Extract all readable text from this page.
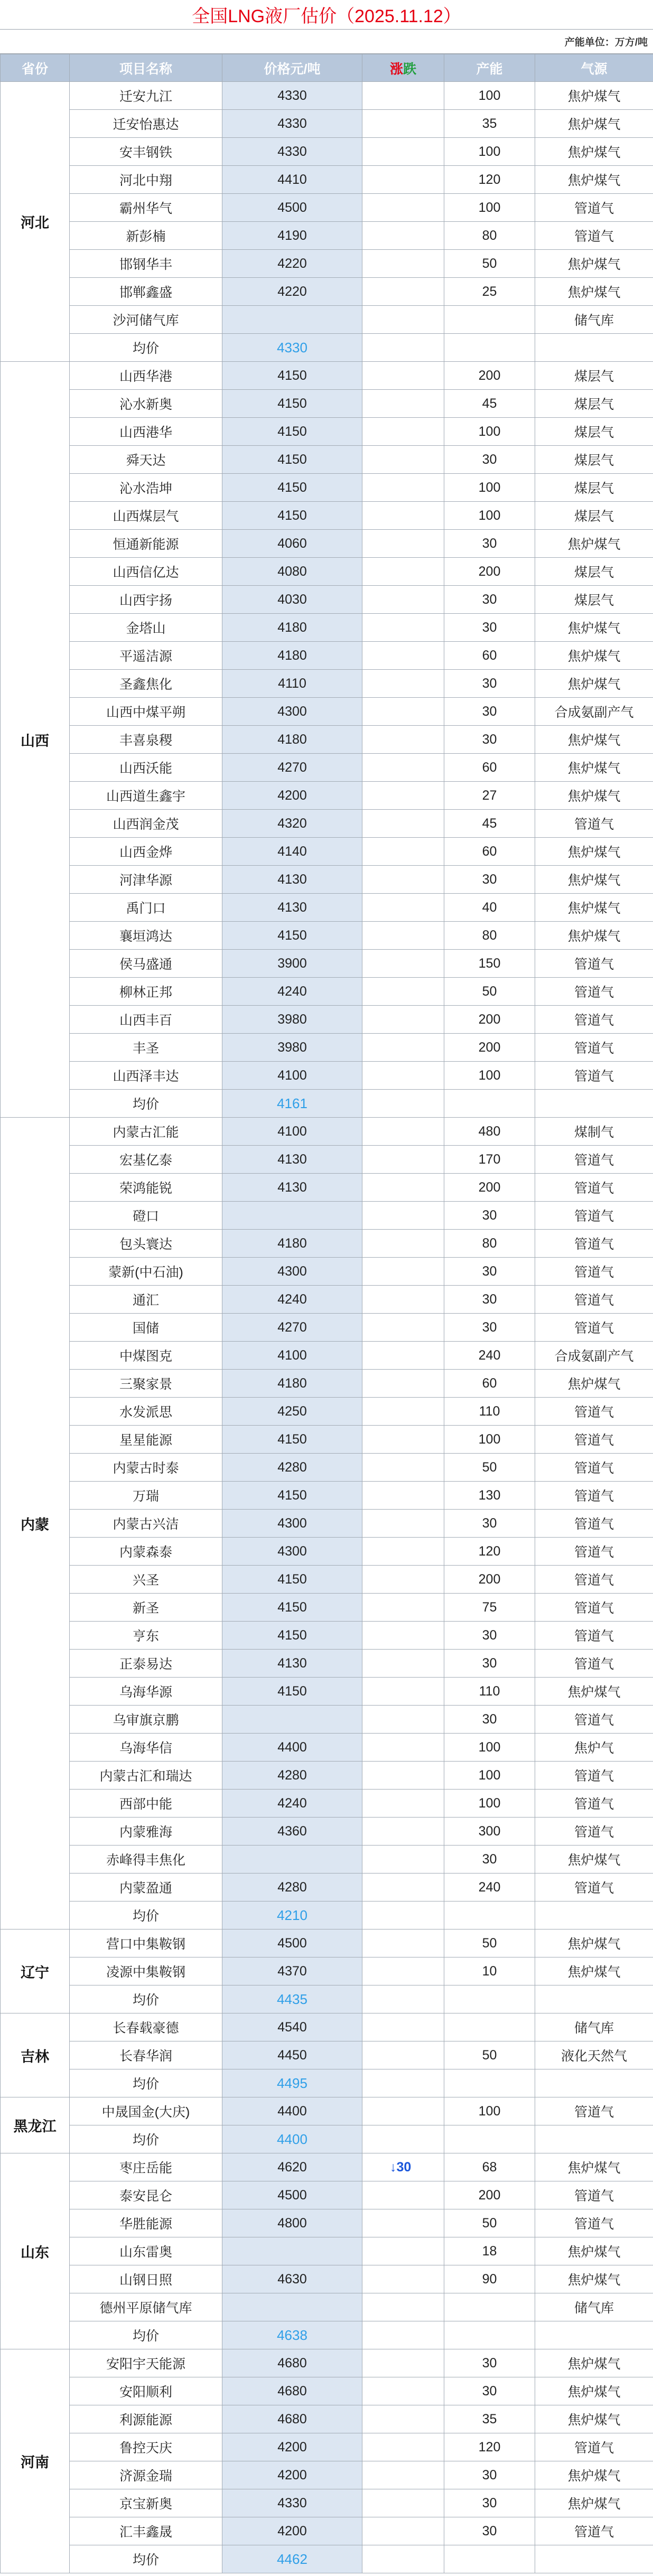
全国LNG液厂估价（2025.11.12）
产能单位：万方/吨
省份	项目名称	价格元/吨	涨跌	产能	气源
河北	迁安九江	4330		100	焦炉煤气
	迁安怡惠达	4330		35	焦炉煤气
	安丰钢铁	4330		100	焦炉煤气
	河北中翔	4410		120	焦炉煤气
	霸州华气	4500		100	管道气
	新彭楠	4190		80	管道气
	邯钢华丰	4220		50	焦炉煤气
	邯郸鑫盛	4220		25	焦炉煤气
	沙河储气库				储气库
	均价	4330			
山西	山西华港	4150		200	煤层气
	沁水新奥	4150		45	煤层气
	山西港华	4150		100	煤层气
	舜天达	4150		30	煤层气
	沁水浩坤	4150		100	煤层气
	山西煤层气	4150		100	煤层气
	恒通新能源	4060		30	焦炉煤气
	山西信亿达	4080		200	煤层气
	山西宇扬	4030		30	煤层气
	金塔山	4180		30	焦炉煤气
	平遥洁源	4180		60	焦炉煤气
	圣鑫焦化	4110		30	焦炉煤气
	山西中煤平朔	4300		30	合成氨副产气
	丰喜泉稷	4180		30	焦炉煤气
	山西沃能	4270		60	焦炉煤气
	山西道生鑫宇	4200		27	焦炉煤气
	山西润金茂	4320		45	管道气
	山西金烨	4140		60	焦炉煤气
	河津华源	4130		30	焦炉煤气
	禹门口	4130		40	焦炉煤气
	襄垣鸿达	4150		80	焦炉煤气
	侯马盛通	3900		150	管道气
	柳林正邦	4240		50	管道气
	山西丰百	3980		200	管道气
	丰圣	3980		200	管道气
	山西泽丰达	4100		100	管道气
	均价	4161			
内蒙	内蒙古汇能	4100		480	煤制气
	宏基亿泰	4130		170	管道气
	荣鸿能锐	4130		200	管道气
	磴口			30	管道气
	包头寰达	4180		80	管道气
	蒙新(中石油)	4300		30	管道气
	通汇	4240		30	管道气
	国储	4270		30	管道气
	中煤图克	4100		240	合成氨副产气
	三聚家景	4180		60	焦炉煤气
	水发派思	4250		110	管道气
	星星能源	4150		100	管道气
	内蒙古时泰	4280		50	管道气
	万瑞	4150		130	管道气
	内蒙古兴洁	4300		30	管道气
	内蒙森泰	4300		120	管道气
	兴圣	4150		200	管道气
	新圣	4150		75	管道气
	亨东	4150		30	管道气
	正泰易达	4130		30	管道气
	乌海华源	4150		110	焦炉煤气
	乌审旗京鹏			30	管道气
	乌海华信	4400		100	焦炉气
	内蒙古汇和瑞达	4280		100	管道气
	西部中能	4240		100	管道气
	内蒙雅海	4360		300	管道气
	赤峰得丰焦化			30	焦炉煤气
	内蒙盈通	4280		240	管道气
	均价	4210			
辽宁	营口中集鞍钢	4500		50	焦炉煤气
	凌源中集鞍钢	4370		10	焦炉煤气
	均价	4435			
吉林	长春载豪德	4540			储气库
	长春华润	4450		50	液化天然气
	均价	4495			
黑龙江	中晟国金(大庆)	4400		100	管道气
	均价	4400			
山东	枣庄岳能	4620	↓30	68	焦炉煤气
	泰安昆仑	4500		200	管道气
	华胜能源	4800		50	管道气
	山东雷奥			18	焦炉煤气
	山钢日照	4630		90	焦炉煤气
	德州平原储气库				储气库
	均价	4638			
河南	安阳宇天能源	4680		30	焦炉煤气
	安阳顺利	4680		30	焦炉煤气
	利源能源	4680		35	焦炉煤气
	鲁控天庆	4200		120	管道气
	济源金瑞	4200		30	焦炉煤气
	京宝新奥	4330		30	焦炉煤气
	汇丰鑫晟	4200		30	管道气
	均价	4462			
